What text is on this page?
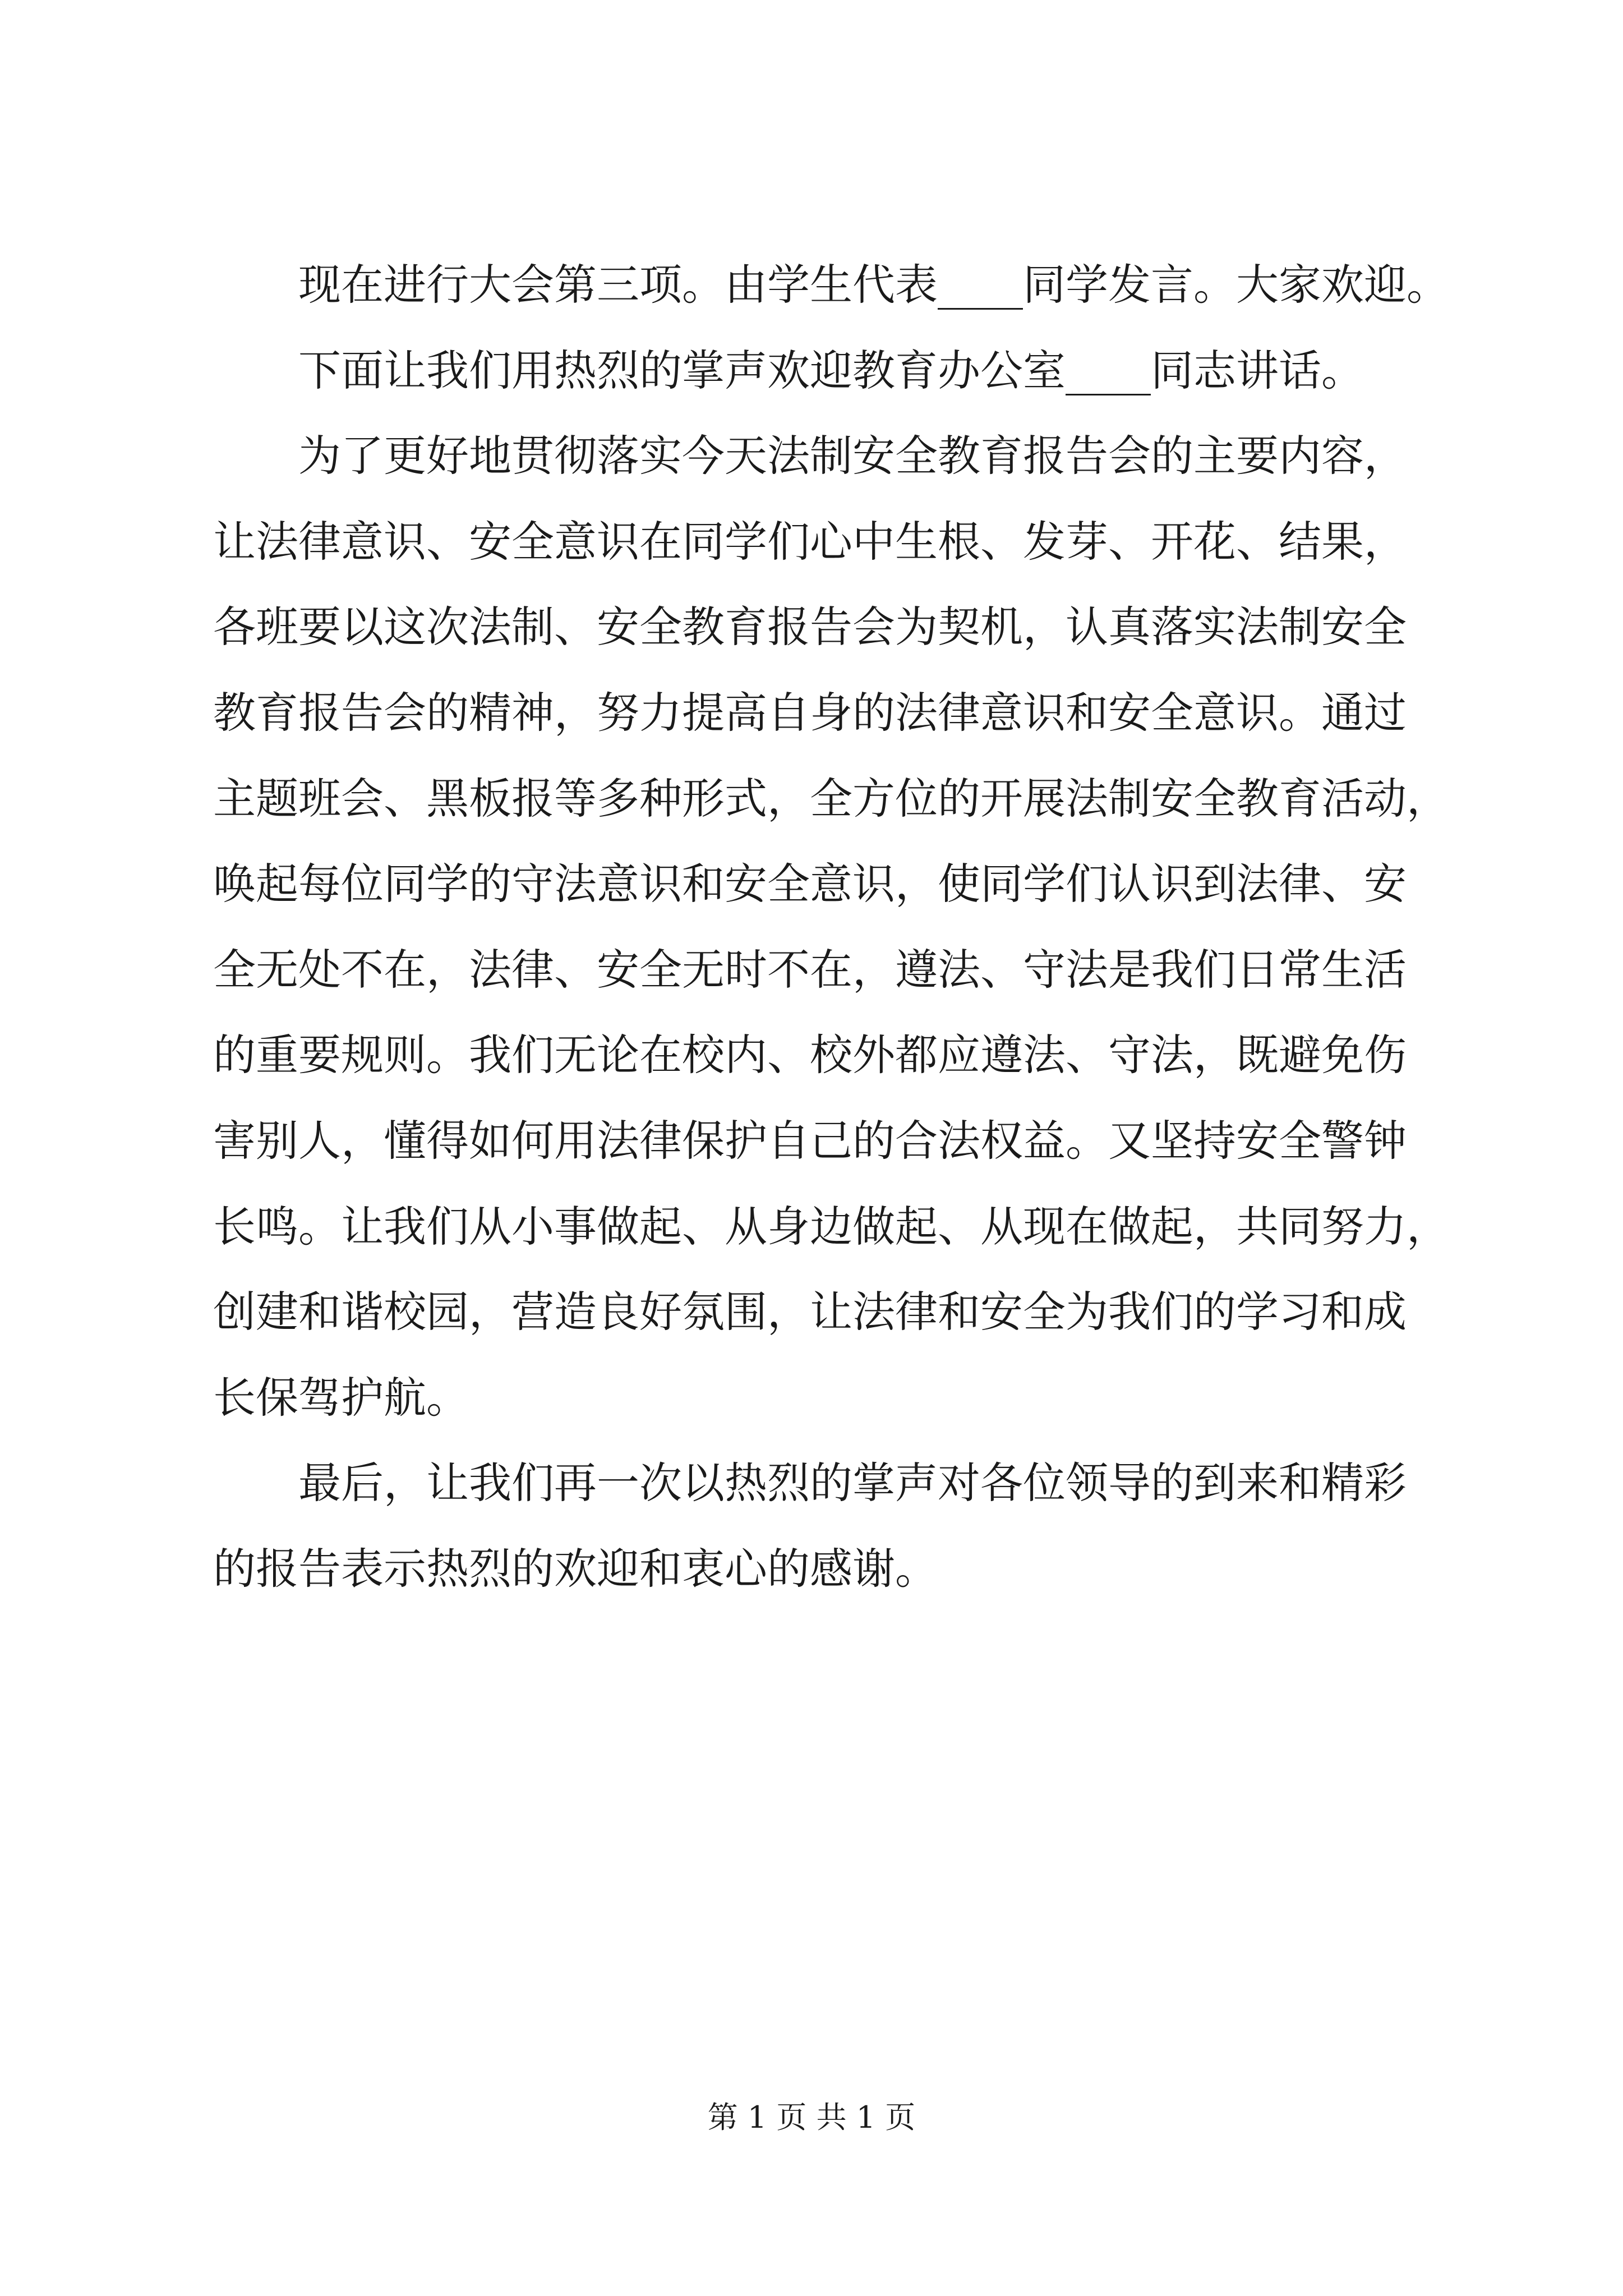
现在进行大会第三项。由学生代表____同学发言。大家欢迎。
下面让我们用热烈的掌声欢迎教育办公室____同志讲话。
为了更好地贯彻落实今天法制安全教育报告会的主要内容，
让法律意识、安全意识在同学们心中生根、发芽、开花、结果，
各班要以这次法制、安全教育报告会为契机，认真落实法制安全
教育报告会的精神，努力提高自身的法律意识和安全意识。通过
主题班会、黑板报等多种形式，全方位的开展法制安全教育活动，
唤起每位同学的守法意识和安全意识，使同学们认识到法律、安
全无处不在，法律、安全无时不在，遵法、守法是我们日常生活
的重要规则。我们无论在校内、校外都应遵法、守法，既避免伤
害别人，懂得如何用法律保护自己的合法权益。又坚持安全警钟
长鸣。让我们从小事做起、从身边做起、从现在做起，共同努力，
创建和谐校园，营造良好氛围，让法律和安全为我们的学习和成
长保驾护航。
最后，让我们再一次以热烈的掌声对各位领导的到来和精彩
的报告表示热烈的欢迎和衷心的感谢。
第 1 页 共 1 页
